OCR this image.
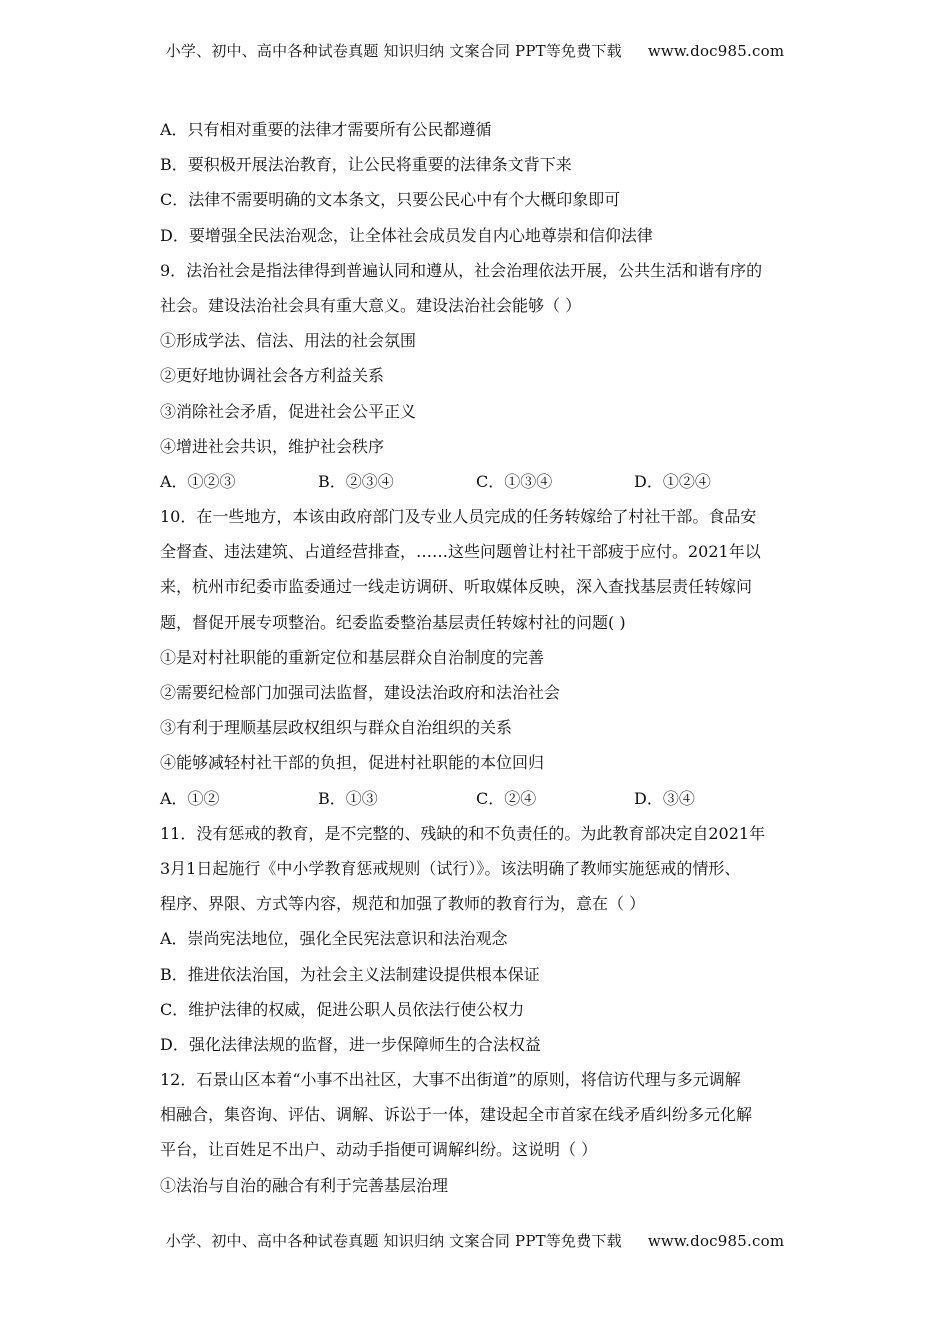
小学、初中、高中各种试卷真题 知识归纳 文案合同 PPT等免费下载 www.doc985.com
A．只有相对重要的法律才需要所有公民都遵循
B．要积极开展法治教育，让公民将重要的法律条文背下来
C．法律不需要明确的文本条文，只要公民心中有个大概印象即可
D．要增强全民法治观念，让全体社会成员发自内心地尊崇和信仰法律
9．法治社会是指法律得到普遍认同和遵从，社会治理依法开展，公共生活和谐有序的
社会。建设法治社会具有重大意义。建设法治社会能够（ ）
①形成学法、信法、用法的社会氛围
②更好地协调社会各方利益关系
③消除社会矛盾，促进社会公平正义
④增进社会共识，维护社会秩序
A．①②③	B．②③④	C．①③④	D．①②④
10．在一些地方，本该由政府部门及专业人员完成的任务转嫁给了村社干部。食品安
全督查、违法建筑、占道经营排查，……这些问题曾让村社干部疲于应付。2021年以
来，杭州市纪委市监委通过一线走访调研、听取媒体反映，深入查找基层责任转嫁问
题，督促开展专项整治。纪委监委整治基层责任转嫁村社的问题( )
①是对村社职能的重新定位和基层群众自治制度的完善
②需要纪检部门加强司法监督，建设法治政府和法治社会
③有利于理顺基层政权组织与群众自治组织的关系
④能够减轻村社干部的负担，促进村社职能的本位回归
A．①②	B．①③	C．②④	D．③④
11．没有惩戒的教育，是不完整的、残缺的和不负责任的。为此教育部决定自2021年
3月1日起施行《中小学教育惩戒规则（试行）》。该法明确了教师实施惩戒的情形、
程序、界限、方式等内容，规范和加强了教师的教育行为，意在（ ）
A．崇尚宪法地位，强化全民宪法意识和法治观念
B．推进依法治国，为社会主义法制建设提供根本保证
C．维护法律的权威，促进公职人员依法行使公权力
D．强化法律法规的监督，进一步保障师生的合法权益
12．石景山区本着“小事不出社区，大事不出街道”的原则，将信访代理与多元调解
相融合，集咨询、评估、调解、诉讼于一体，建设起全市首家在线矛盾纠纷多元化解
平台，让百姓足不出户、动动手指便可调解纠纷。这说明（ ）
①法治与自治的融合有利于完善基层治理
小学、初中、高中各种试卷真题 知识归纳 文案合同 PPT等免费下载 www.doc985.com
